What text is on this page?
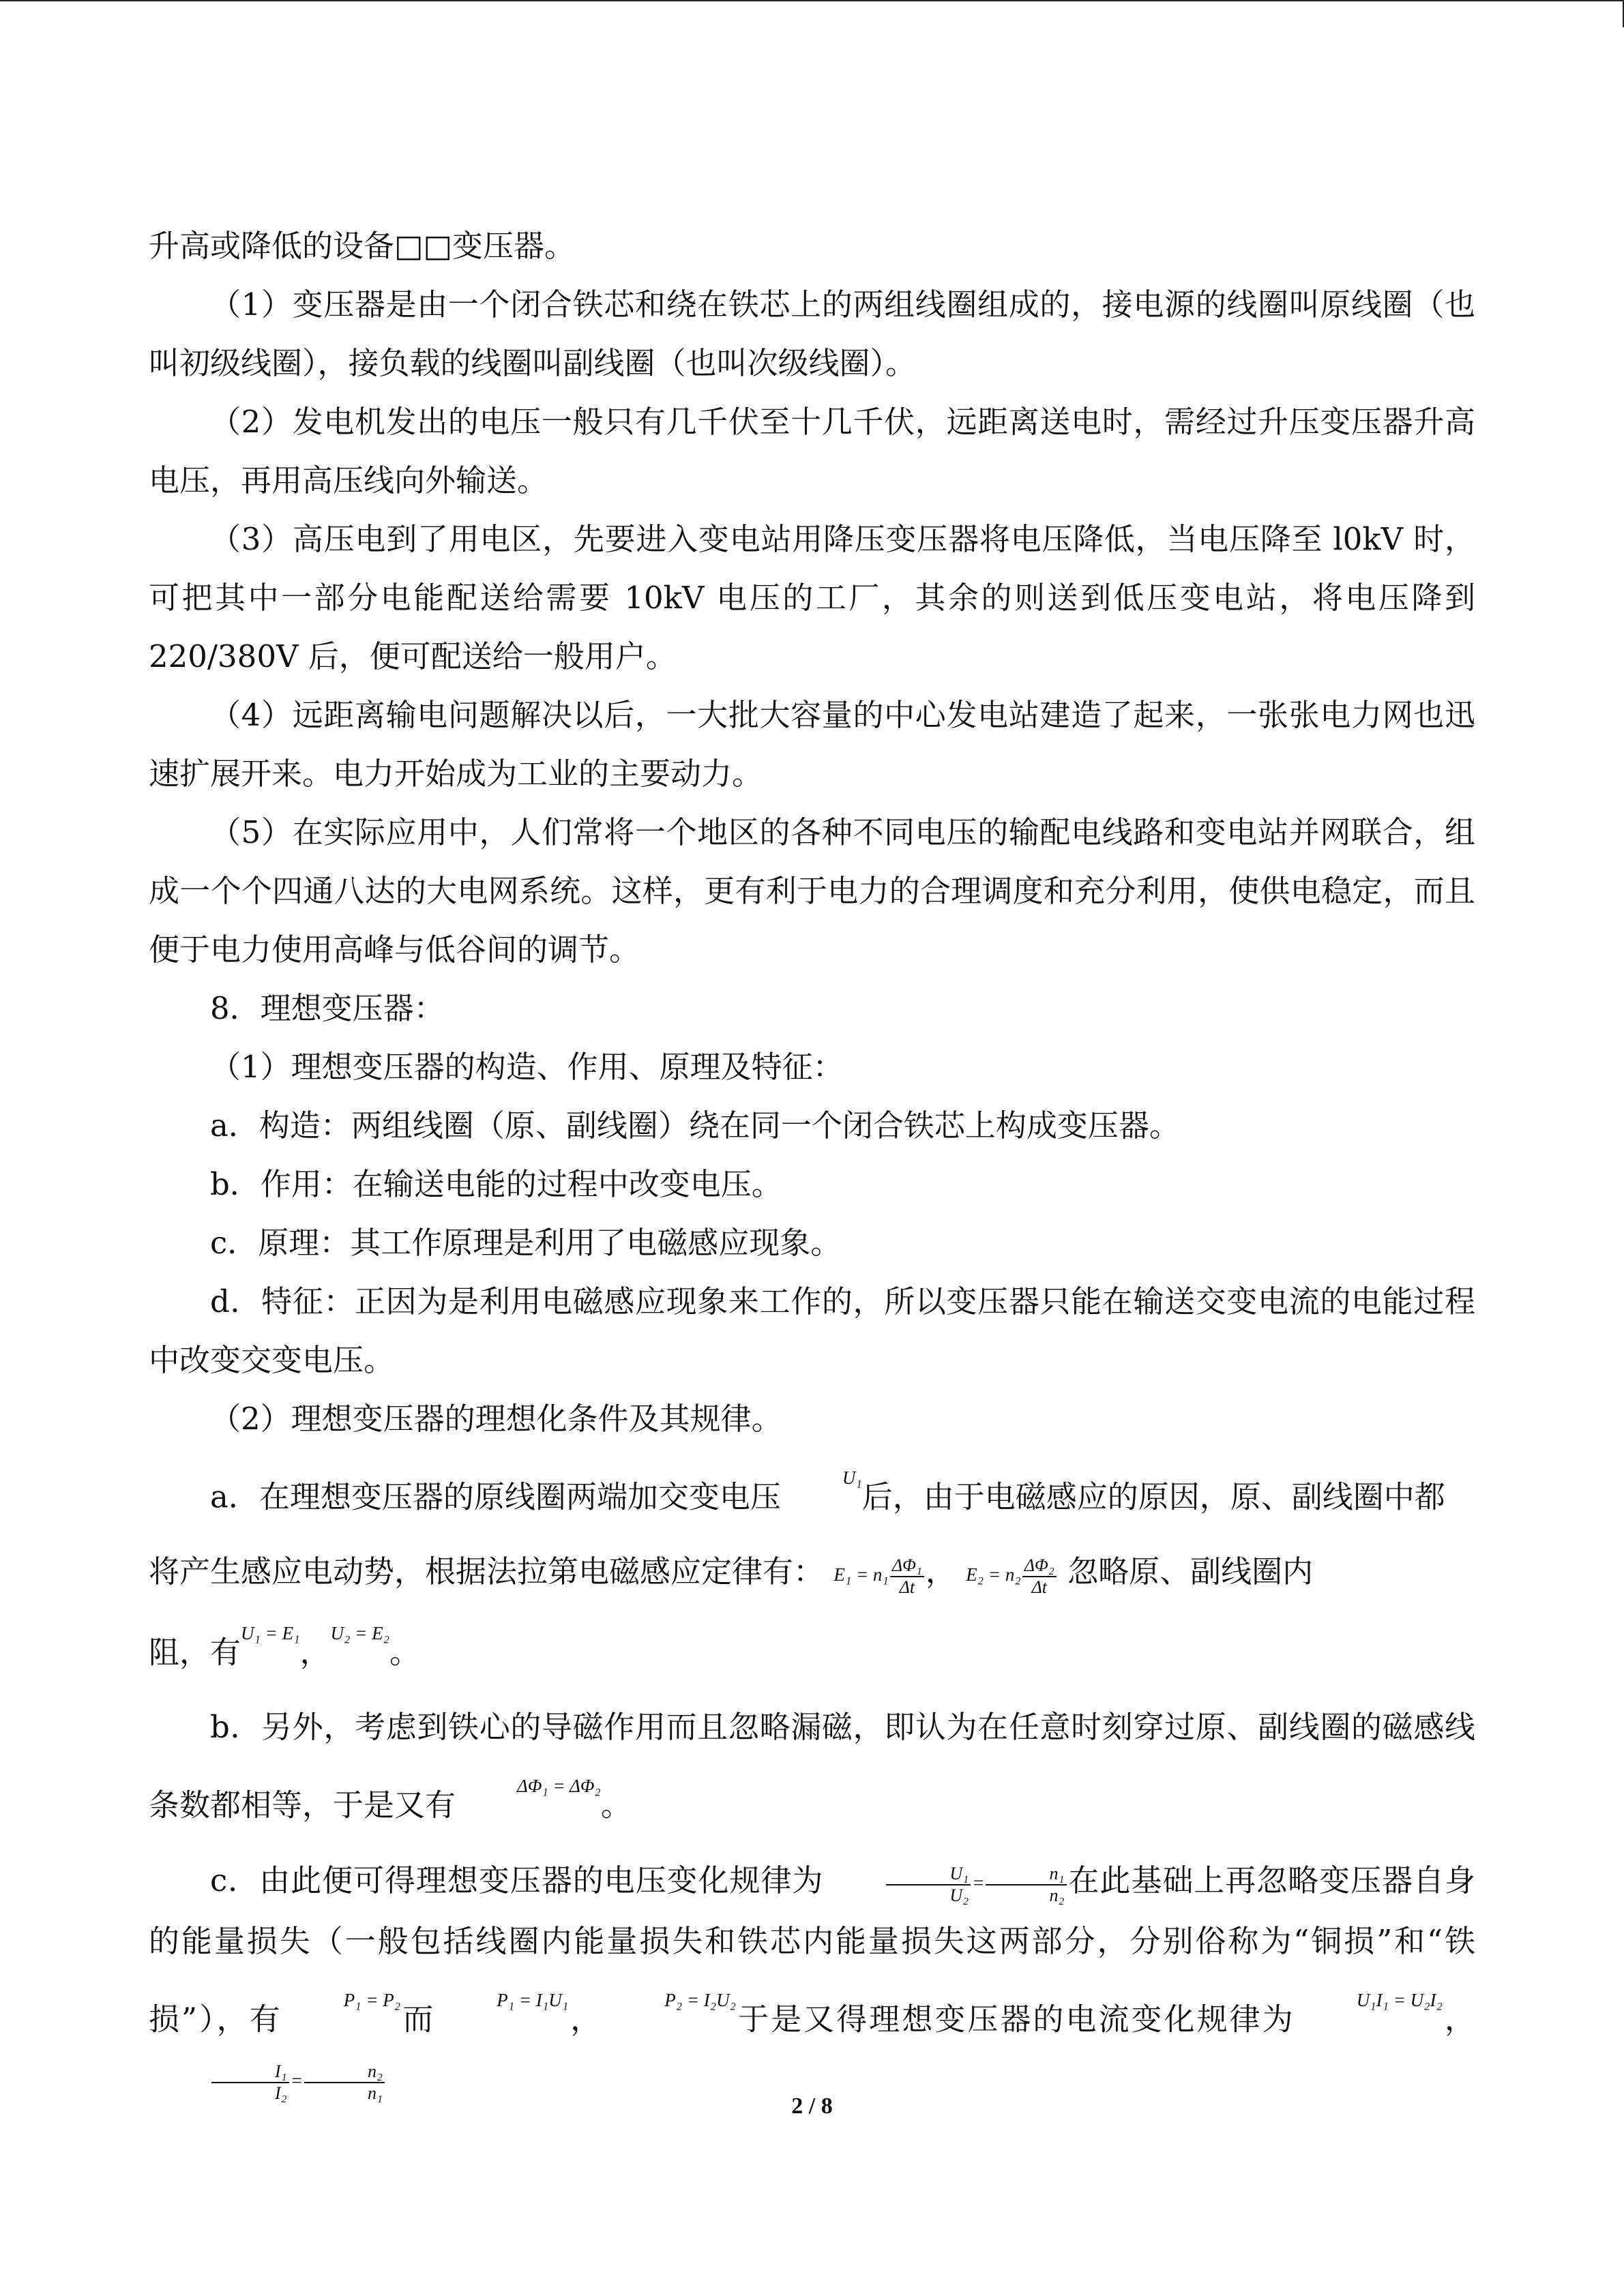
升高或降低的设备□□变压器。

（1）变压器是由一个闭合铁芯和绕在铁芯上的两组线圈组成的，接电源的线圈叫原线圈（也叫初级线圈），接负载的线圈叫副线圈（也叫次级线圈）。

（2）发电机发出的电压一般只有几千伏至十几千伏，远距离送电时，需经过升压变压器升高电压，再用高压线向外输送。

（3）高压电到了用电区，先要进入变电站用降压变压器将电压降低，当电压降至 l0kV 时，可把其中一部分电能配送给需要 10kV 电压的工厂，其余的则送到低压变电站，将电压降到 220/380V 后，便可配送给一般用户。

（4）远距离输电问题解决以后，一大批大容量的中心发电站建造了起来，一张张电力网也迅速扩展开来。电力开始成为工业的主要动力。

（5）在实际应用中，人们常将一个地区的各种不同电压的输配电线路和变电站并网联合，组成一个个四通八达的大电网系统。这样，更有利于电力的合理调度和充分利用，使供电稳定，而且便于电力使用高峰与低谷间的调节。

8．理想变压器：

（1）理想变压器的构造、作用、原理及特征：

a．构造：两组线圈（原、副线圈）绕在同一个闭合铁芯上构成变压器。

b．作用：在输送电能的过程中改变电压。

c．原理：其工作原理是利用了电磁感应现象。

d．特征：正因为是利用电磁感应现象来工作的，所以变压器只能在输送交变电流的电能过程中改变交变电压。

（2）理想变压器的理想化条件及其规律。

a．在理想变压器的原线圈两端加交变电压U₁后，由于电磁感应的原因，原、副线圈中都

将产生感应电动势，根据法拉第电磁感应定律有： $E_1 = n_1 \frac{\text{ΔΦ₁}}{\Delta t}$ ， $E_2 = n_2 \frac{\text{ΔΦ₂}}{\Delta t}$ 忽略原、副线圈内

阻，有U₁ = E₁，U₂ = E₂。

b．另外，考虑到铁心的导磁作用而且忽略漏磁，即认为在任意时刻穿过原、副线圈的磁感线条数都相等，于是又有ΔΦ₁ = ΔΦ₂。

c．由此便可得理想变压器的电压变化规律为	$\frac{\text{U₁}}{\text{U₂}} = \frac{\text{n₁}}{\text{n₂}}$ 在此基础上再忽略变压器自身的能量损失（一般包括线圈内能量损失和铁芯内能量损失这两部分，分别俗称为“铜损”和“铁损”），有P₁ = P₂而P₁ = I₁U₁，P₂ = I₂U₂于是又得理想变压器的电流变化规律为U₁I₁ = U₂I₂，
$\frac{\text{I₁}}{\text{I₂}} = \frac{\text{n₂}}{\text{n₁}}$

2 / 8
